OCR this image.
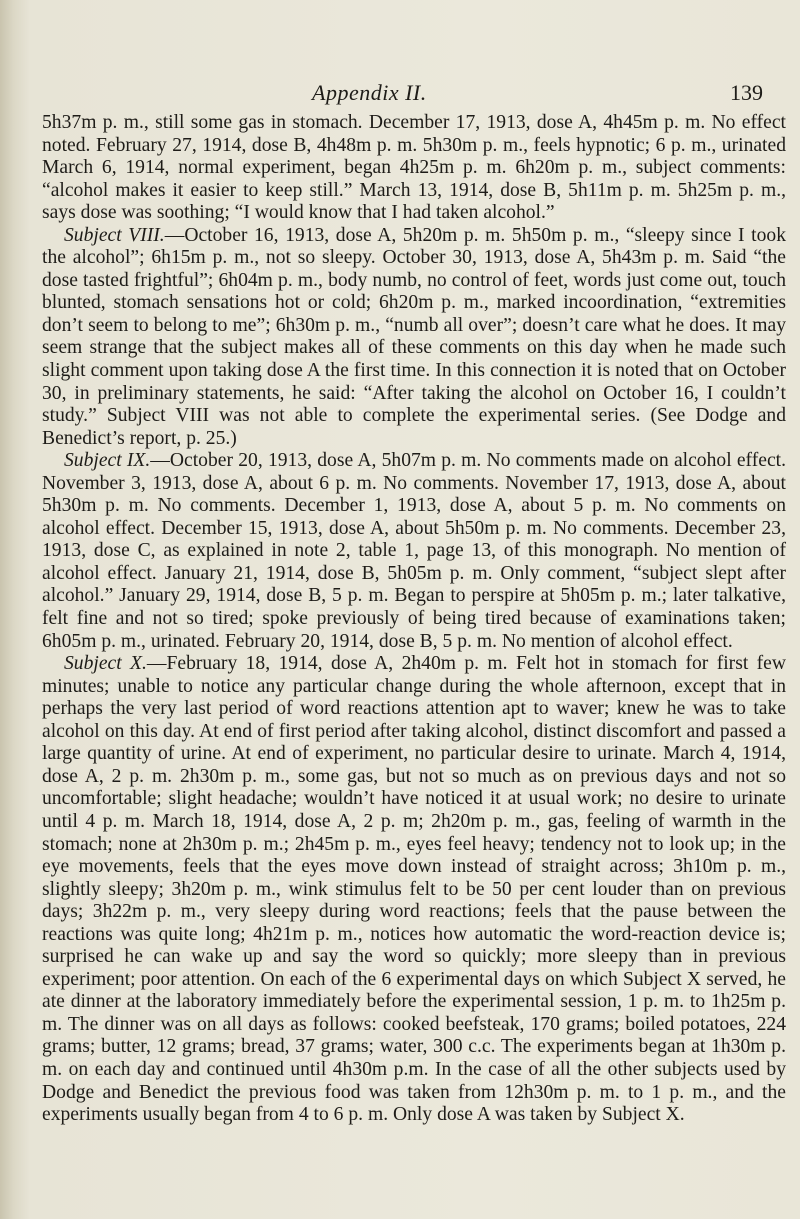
Appendix II.	139

5h37m p. m., still some gas in stomach. December 17, 1913, dose A, 4h45m p. m. No effect noted. February 27, 1914, dose B, 4h48m p. m. 5h30m p. m., feels hypnotic; 6 p. m., urinated March 6, 1914, normal experiment, began 4h25m p. m. 6h20m p. m., subject comments: “alcohol makes it easier to keep still.” March 13, 1914, dose B, 5h11m p. m. 5h25m p. m., says dose was soothing; “I would know that I had taken alcohol.”

Subject VIII.—October 16, 1913, dose A, 5h20m p. m. 5h50m p. m., “sleepy since I took the alcohol”; 6h15m p. m., not so sleepy. October 30, 1913, dose A, 5h43m p. m. Said “the dose tasted frightful”; 6h04m p. m., body numb, no control of feet, words just come out, touch blunted, stomach sensations hot or cold; 6h20m p. m., marked incoordination, “extremities don’t seem to belong to me”; 6h30m p. m., “numb all over”; doesn’t care what he does. It may seem strange that the subject makes all of these comments on this day when he made such slight comment upon taking dose A the first time. In this connection it is noted that on October 30, in preliminary statements, he said: “After taking the alcohol on October 16, I couldn’t study.” Subject VIII was not able to complete the experimental series. (See Dodge and Benedict’s report, p. 25.)

Subject IX.—October 20, 1913, dose A, 5h07m p. m. No comments made on alcohol effect. November 3, 1913, dose A, about 6 p. m. No comments. November 17, 1913, dose A, about 5h30m p. m. No comments. December 1, 1913, dose A, about 5 p. m. No comments on alcohol effect. December 15, 1913, dose A, about 5h50m p. m. No comments. December 23, 1913, dose C, as explained in note 2, table 1, page 13, of this monograph. No mention of alcohol effect. January 21, 1914, dose B, 5h05m p. m. Only comment, “subject slept after alcohol.” January 29, 1914, dose B, 5 p. m. Began to perspire at 5h05m p. m.; later talkative, felt fine and not so tired; spoke previously of being tired because of examinations taken; 6h05m p. m., urinated. February 20, 1914, dose B, 5 p. m. No mention of alcohol effect.

Subject X.—February 18, 1914, dose A, 2h40m p. m. Felt hot in stomach for first few minutes; unable to notice any particular change during the whole afternoon, except that in perhaps the very last period of word reactions attention apt to waver; knew he was to take alcohol on this day. At end of first period after taking alcohol, distinct discomfort and passed a large quantity of urine. At end of experiment, no particular desire to urinate. March 4, 1914, dose A, 2 p. m. 2h30m p. m., some gas, but not so much as on previous days and not so uncomfortable; slight headache; wouldn’t have noticed it at usual work; no desire to urinate until 4 p. m. March 18, 1914, dose A, 2 p. m; 2h20m p. m., gas, feeling of warmth in the stomach; none at 2h30m p. m.; 2h45m p. m., eyes feel heavy; tendency not to look up; in the eye movements, feels that the eyes move down instead of straight across; 3h10m p. m., slightly sleepy; 3h20m p. m., wink stimulus felt to be 50 per cent louder than on previous days; 3h22m p. m., very sleepy during word reactions; feels that the pause between the reactions was quite long; 4h21m p. m., notices how automatic the word-reaction device is; surprised he can wake up and say the word so quickly; more sleepy than in previous experiment; poor attention. On each of the 6 experimental days on which Subject X served, he ate dinner at the laboratory immediately before the experimental session, 1 p. m. to 1h25m p. m. The dinner was on all days as follows: cooked beefsteak, 170 grams; boiled potatoes, 224 grams; butter, 12 grams; bread, 37 grams; water, 300 c.c. The experiments began at 1h30m p. m. on each day and continued until 4h30m p.m. In the case of all the other subjects used by Dodge and Benedict the previous food was taken from 12h30m p. m. to 1 p. m., and the experiments usually began from 4 to 6 p. m. Only dose A was taken by Subject X.
